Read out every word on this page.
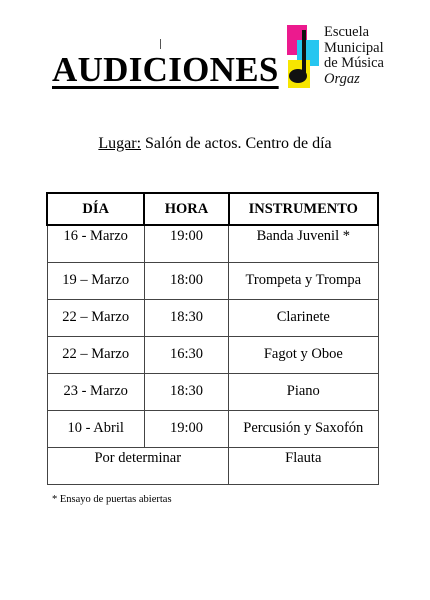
AUDICIONES
Escuela
Municipal
de Música
Orgaz
Lugar: Salón de actos. Centro de día
DÍA	HORA	INSTRUMENTO
16 - Marzo	19:00	Banda Juvenil *
19 – Marzo	18:00	Trompeta y Trompa
22 – Marzo	18:30	Clarinete
22 – Marzo	16:30	Fagot y Oboe
23 - Marzo	18:30	Piano
10 - Abril	19:00	Percusión y Saxofón
Por determinar		Flauta
* Ensayo de puertas abiertas
